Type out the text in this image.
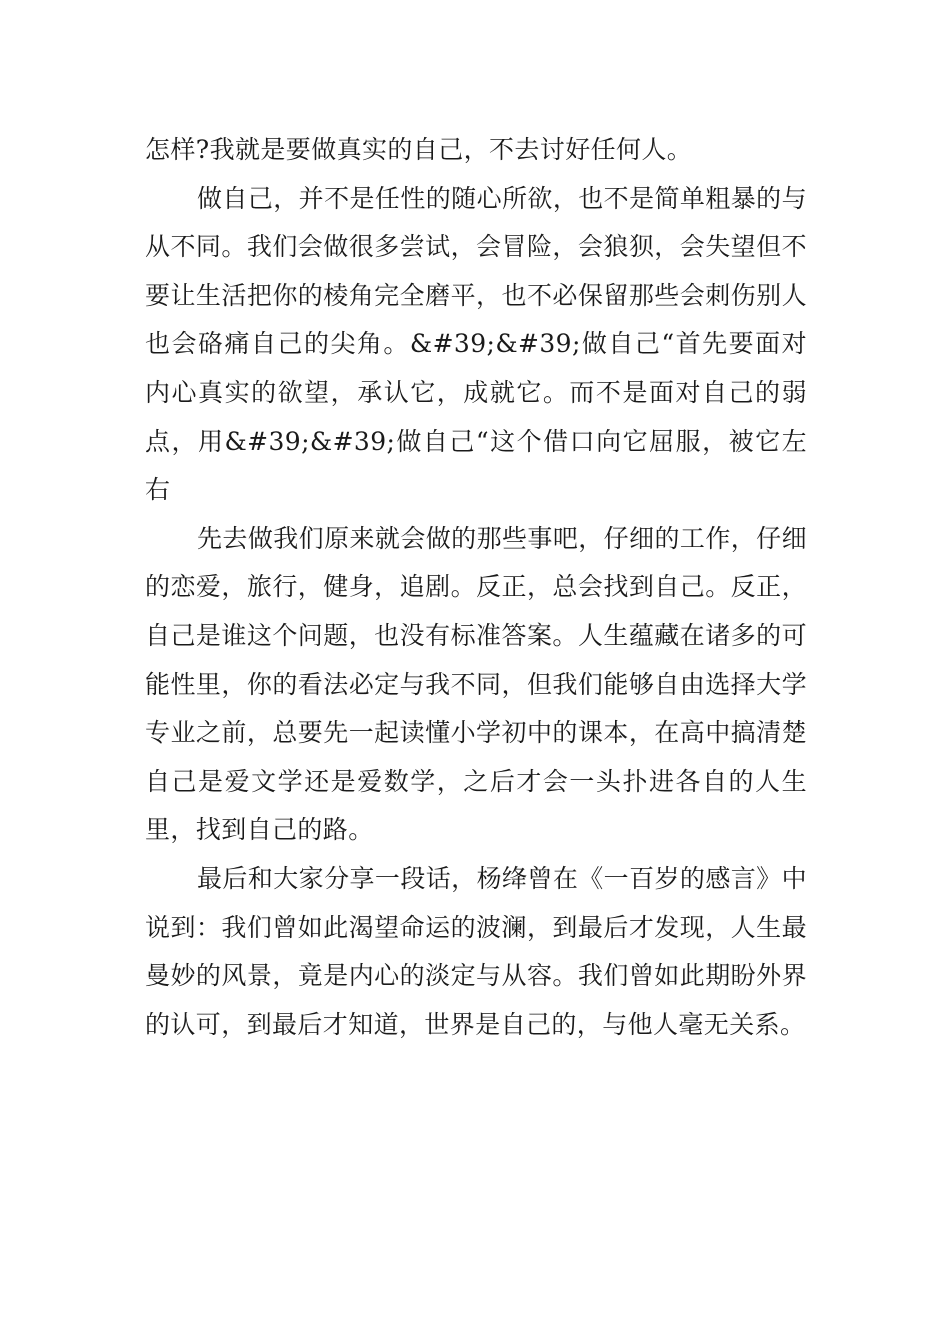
怎样?我就是要做真实的自己，不去讨好任何人。

做自己，并不是任性的随心所欲，也不是简单粗暴的与从不同。我们会做很多尝试，会冒险，会狼狈，会失望但不要让生活把你的棱角完全磨平，也不必保留那些会刺伤别人也会硌痛自己的尖角。&#39;&#39;做自己“首先要面对内心真实的欲望，承认它，成就它。而不是面对自己的弱点，用&#39;&#39;做自己“这个借口向它屈服，被它左右

先去做我们原来就会做的那些事吧，仔细的工作，仔细的恋爱，旅行，健身，追剧。反正，总会找到自己。反正，自己是谁这个问题，也没有标准答案。人生蕴藏在诸多的可能性里，你的看法必定与我不同，但我们能够自由选择大学专业之前，总要先一起读懂小学初中的课本，在高中搞清楚自己是爱文学还是爱数学，之后才会一头扑进各自的人生里，找到自己的路。

最后和大家分享一段话，杨绛曾在《一百岁的感言》中说到：我们曾如此渴望命运的波澜，到最后才发现，人生最曼妙的风景，竟是内心的淡定与从容。我们曾如此期盼外界的认可，到最后才知道，世界是自己的，与他人毫无关系。
